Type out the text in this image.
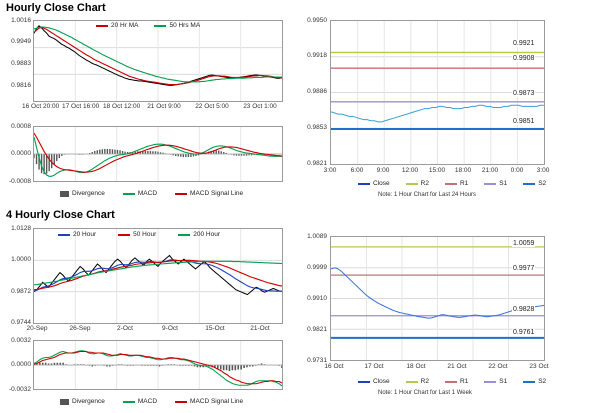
Hourly Close Chart
1.0016
0.9949
0.9883
0.9816
20 Hr MA	50 Hrs MA
16 Oct 20:00 17 Oct 16:00 18 Oct 12:00 21 Oct 9:00 22 Oct 5:00 23 Oct 1:00
0.0008
0.0000
-0.0008
Divergence	MACD	MACD Signal Line
0.9950
0.9918
0.9886
0.9853
0.9821
0.9921
0.9908
0.9873
0.9851
3:00	6:00	9:00	12:00	15:00	18:00	21:00	0:00	3:00
Close	R2	R1	S1	S2
Note: 1 Hour Chart for Last 24 Hours
4 Hourly Close Chart
1.0128
1.0000
0.9872
0.9744
20 Hour	50 Hour	200 Hour
20-Sep	26-Sep	2-Oct	9-Oct	15-Oct	21-Oct
0.0032
0.0000
-0.0032
Divergence	MACD	MACD Signal Line
1.0089
0.9999
0.9910
0.9821
0.9731
1.0059
0.9977
0.9828
0.9761
16 Oct	17 Oct	18 Oct	21 Oct	22 Oct	23 Oct
Close	R2	R1	S1	S2
Note: 1 Hour Chart for Last 1 Week
